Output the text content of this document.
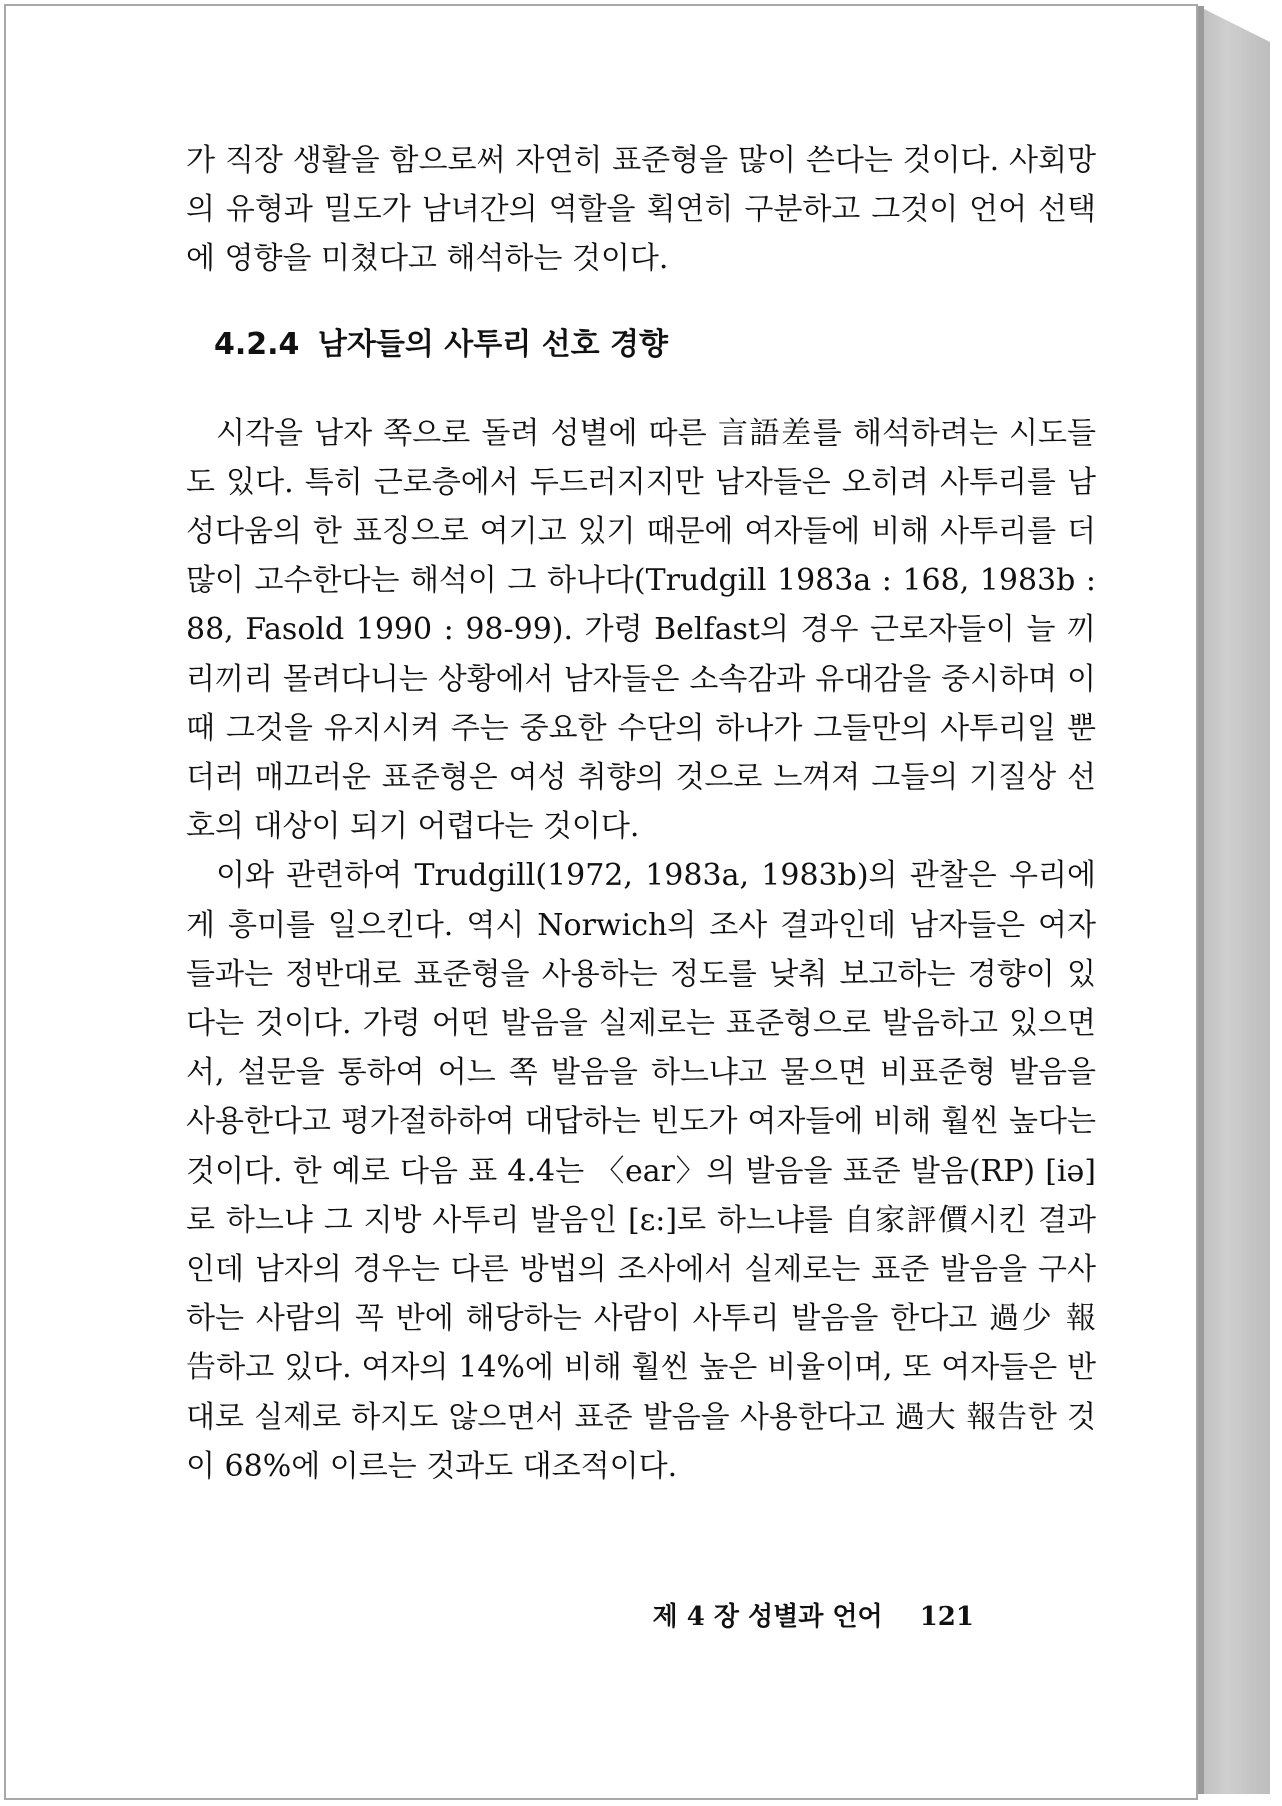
가 직장 생활을 함으로써 자연히 표준형을 많이 쓴다는 것이다. 사회망의 유형과 밀도가 남녀간의 역할을 획연히 구분하고 그것이 언어 선택에 영향을 미쳤다고 해석하는 것이다.

4.2.4 남자들의 사투리 선호 경향

시각을 남자 쪽으로 돌려 성별에 따른 言語差를 해석하려는 시도들도 있다. 특히 근로층에서 두드러지지만 남자들은 오히려 사투리를 남성다움의 한 표징으로 여기고 있기 때문에 여자들에 비해 사투리를 더 많이 고수한다는 해석이 그 하나다(Trudgill 1983a : 168, 1983b : 88, Fasold 1990 : 98-99). 가령 Belfast의 경우 근로자들이 늘 끼리끼리 몰려다니는 상황에서 남자들은 소속감과 유대감을 중시하며 이때 그것을 유지시켜 주는 중요한 수단의 하나가 그들만의 사투리일 뿐더러 매끄러운 표준형은 여성 취향의 것으로 느껴져 그들의 기질상 선호의 대상이 되기 어렵다는 것이다.

이와 관련하여 Trudgill(1972, 1983a, 1983b)의 관찰은 우리에게 흥미를 일으킨다. 역시 Norwich의 조사 결과인데 남자들은 여자들과는 정반대로 표준형을 사용하는 정도를 낮춰 보고하는 경향이 있다는 것이다. 가령 어떤 발음을 실제로는 표준형으로 발음하고 있으면서, 설문을 통하여 어느 쪽 발음을 하느냐고 물으면 비표준형 발음을 사용한다고 평가절하하여 대답하는 빈도가 여자들에 비해 훨씬 높다는 것이다. 한 예로 다음 표 4.4는 〈ear〉의 발음을 표준 발음(RP) [iə]로 하느냐 그 지방 사투리 발음인 [ɛ:]로 하느냐를 自家評價시킨 결과인데 남자의 경우는 다른 방법의 조사에서 실제로는 표준 발음을 구사하는 사람의 꼭 반에 해당하는 사람이 사투리 발음을 한다고 過少 報告하고 있다. 여자의 14%에 비해 훨씬 높은 비율이며, 또 여자들은 반대로 실제로 하지도 않으면서 표준 발음을 사용한다고 過大 報告한 것이 68%에 이르는 것과도 대조적이다.

제 4 장 성별과 언어 121
